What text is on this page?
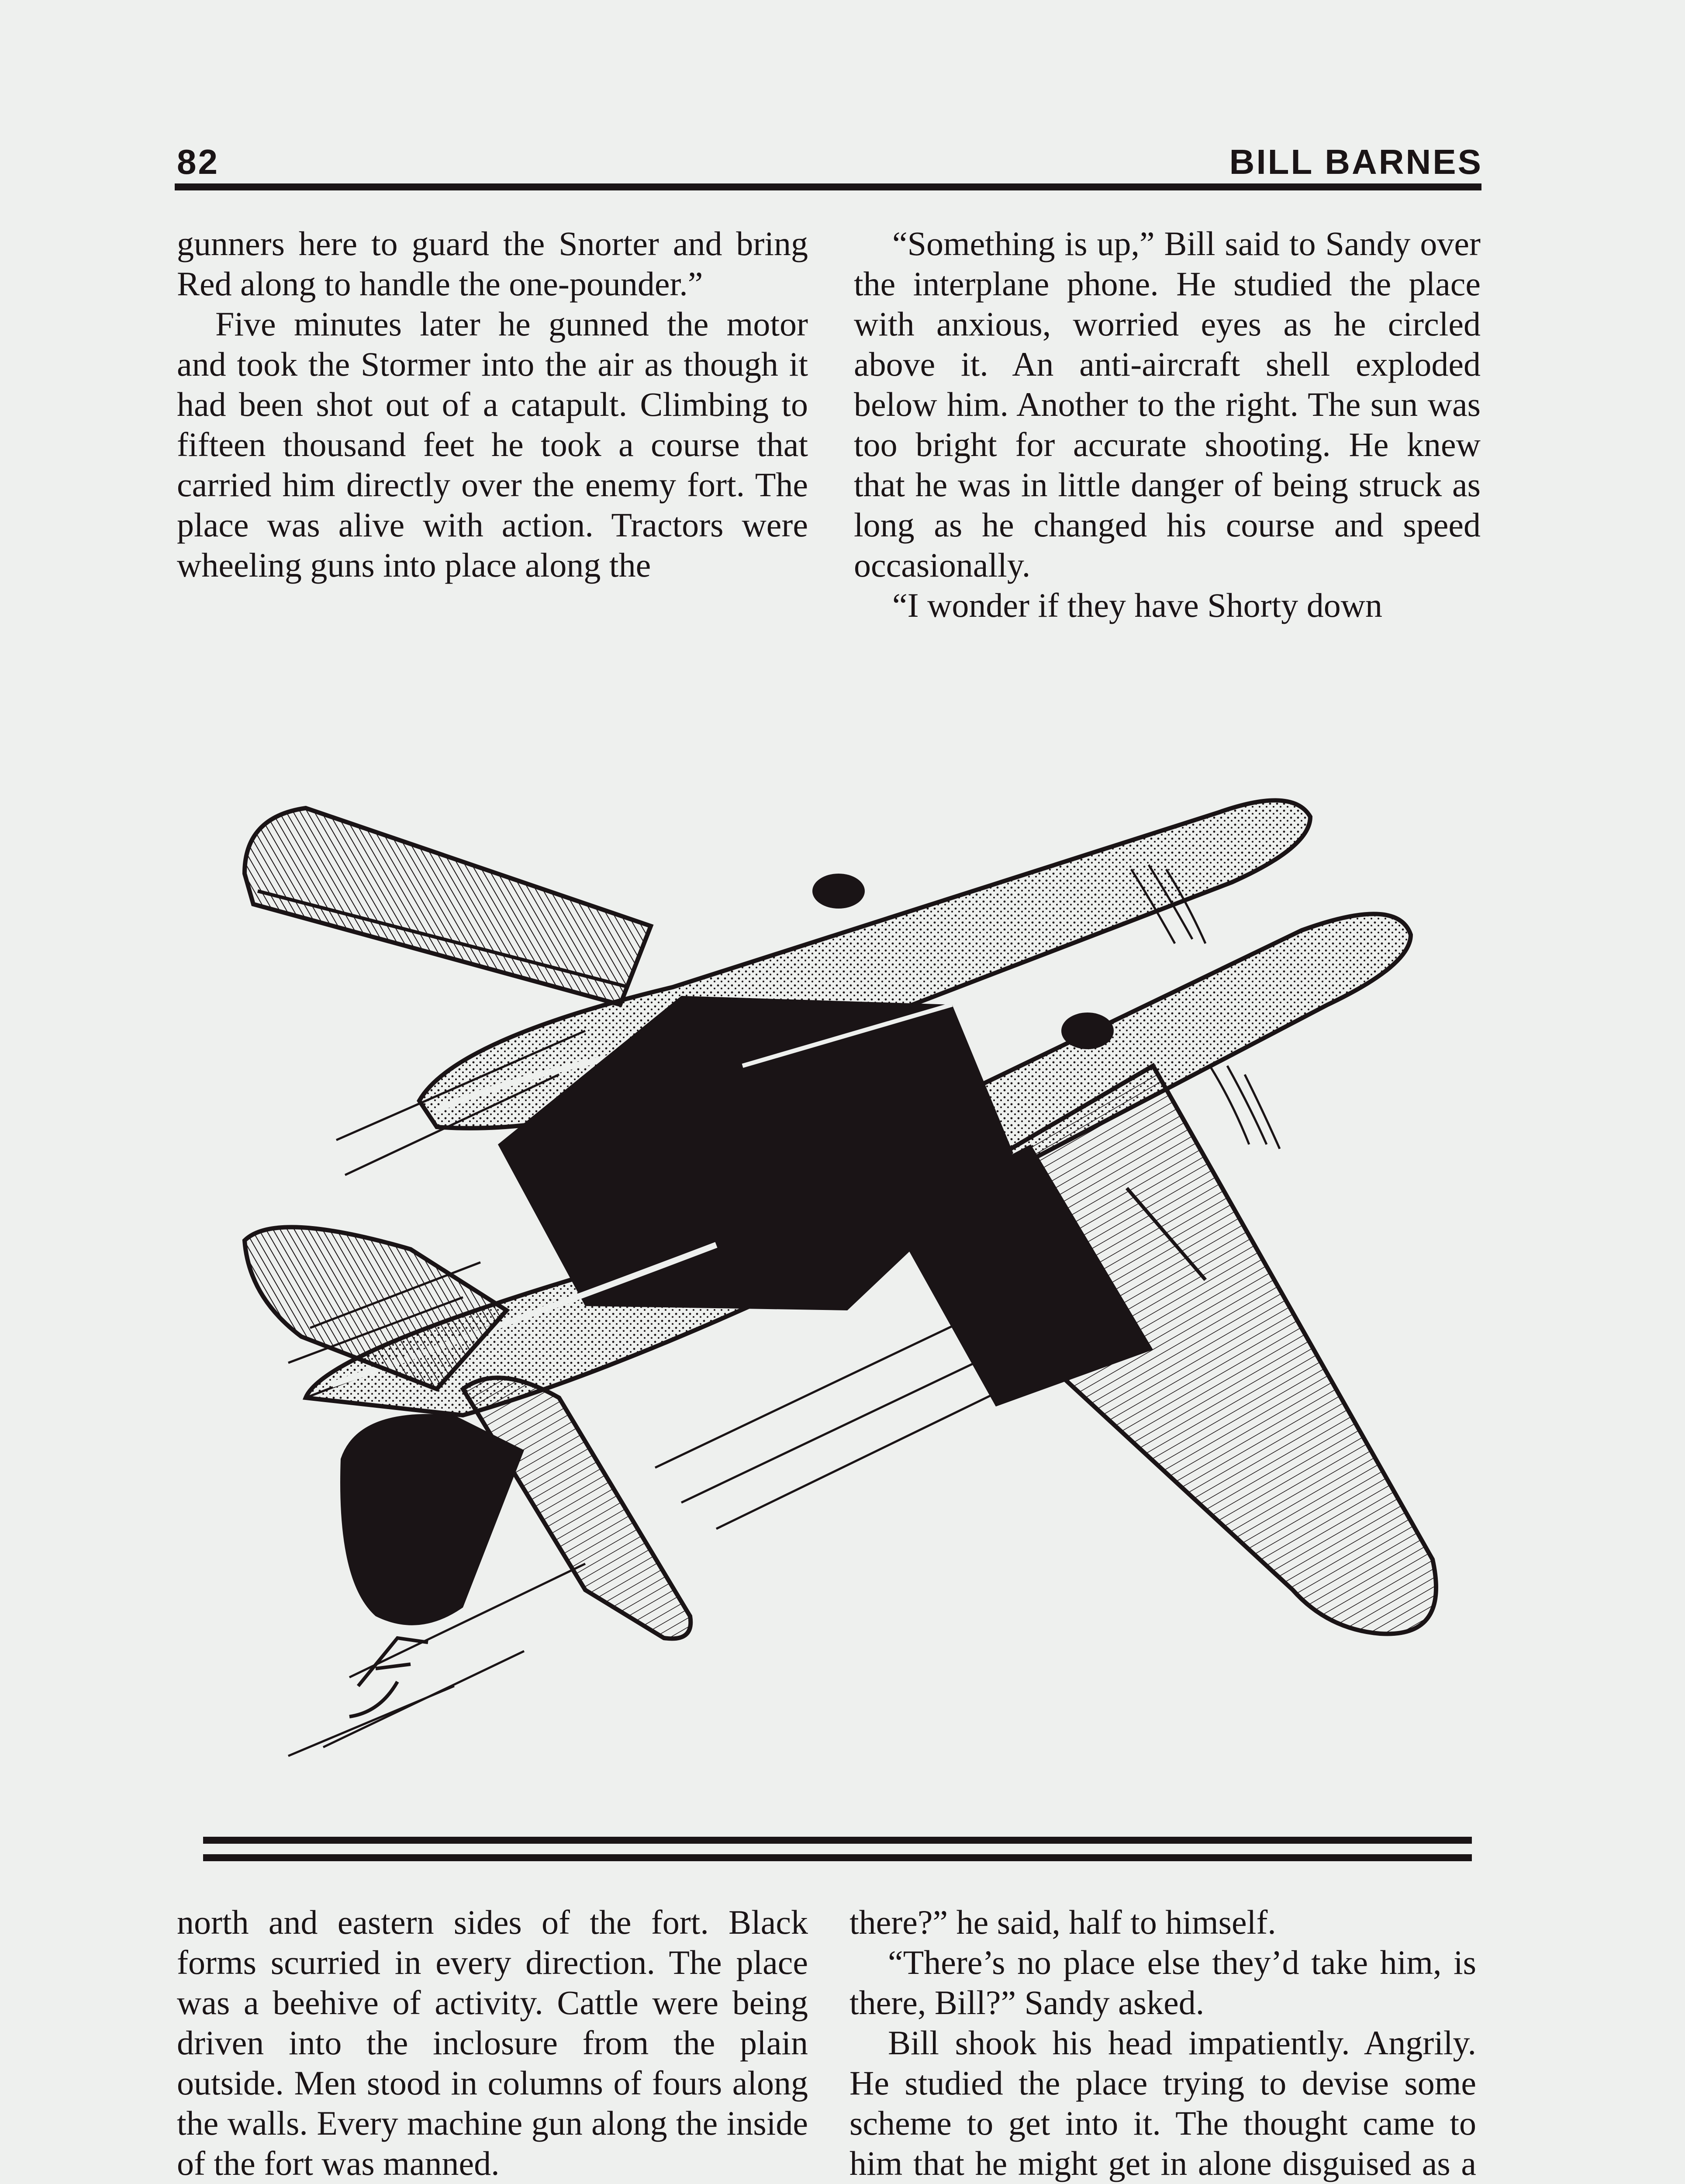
82	BILL BARNES

gunners here to guard the Snorter and bring Red along to handle the one-pounder.”

Five minutes later he gunned the motor and took the Stormer into the air as though it had been shot out of a catapult. Climbing to fifteen thousand feet he took a course that carried him directly over the enemy fort. The place was alive with action. Tractors were wheeling guns into place along the

“Something is up,” Bill said to Sandy over the interplane phone. He studied the place with anxious, worried eyes as he circled above it. An anti-aircraft shell exploded below him. Another to the right. The sun was too bright for accurate shooting. He knew that he was in little danger of being struck as long as he changed his course and speed occasionally.

“I wonder if they have Shorty down

north and eastern sides of the fort. Black forms scurried in every direction. The place was a beehive of activity. Cattle were being driven into the inclosure from the plain outside. Men stood in columns of fours along the walls. Every machine gun along the inside of the fort was manned.

there?” he said, half to himself.

“There’s no place else they’d take him, is there, Bill?” Sandy asked.

Bill shook his head impatiently. Angrily. He studied the place trying to devise some scheme to get into it. The thought came to him that he might get in alone disguised as a
